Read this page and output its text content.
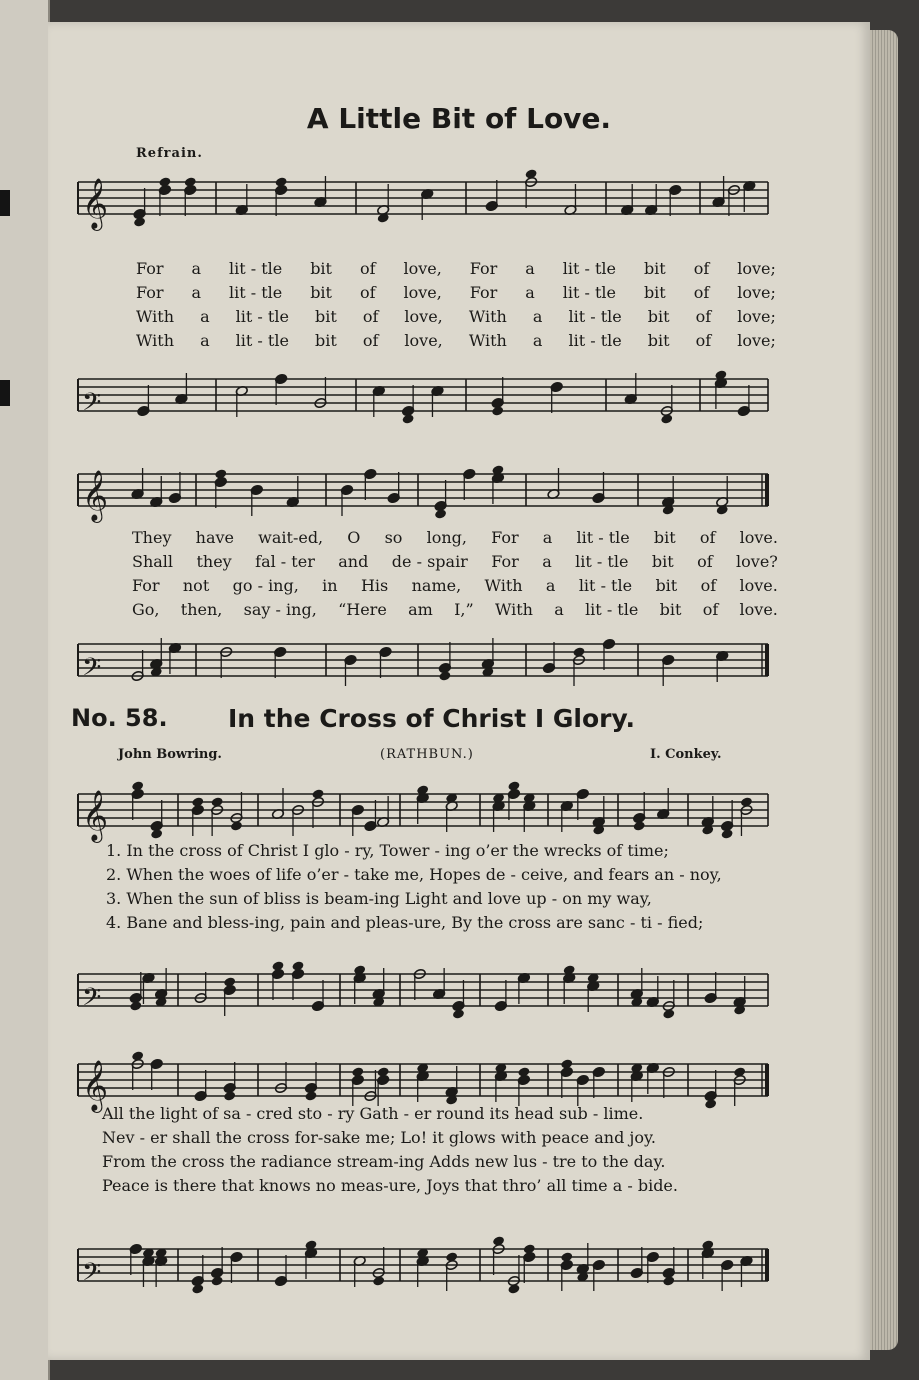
A Little Bit of Love.
Refrain.
𝄞
For a lit - tle bit of love, For a lit - tle bit of love;
For a lit - tle bit of love, For a lit - tle bit of love;
With a lit - tle bit of love, With a lit - tle bit of love;
With a lit - tle bit of love, With a lit - tle bit of love;
𝄢
𝄞
They have wait-ed, O so long, For a lit - tle bit of love.
Shall they fal - ter and de - spair For a lit - tle bit of love?
For not go - ing, in His name, With a lit - tle bit of love.
Go, then, say - ing, “Here am I,” With a lit - tle bit of love.
𝄢
No. 58. In the Cross of Christ I Glory.
John Bowring.	(RATHBUN.)	I. Conkey.
𝄞
1. In the cross of Christ I glo - ry, Tower - ing o’er the wrecks of time;
2. When the woes of life o’er - take me, Hopes de - ceive, and fears an - noy,
3. When the sun of bliss is beam-ing Light and love up - on my way,
4. Bane and bless-ing, pain and pleas-ure, By the cross are sanc - ti - fied;
𝄢
𝄞
All the light of sa - cred sto - ry Gath - er round its head sub - lime.
Nev - er shall the cross for-sake me; Lo! it glows with peace and joy.
From the cross the radiance stream-ing Adds new lus - tre to the day.
Peace is there that knows no meas-ure, Joys that thro’ all time a - bide.
𝄢
